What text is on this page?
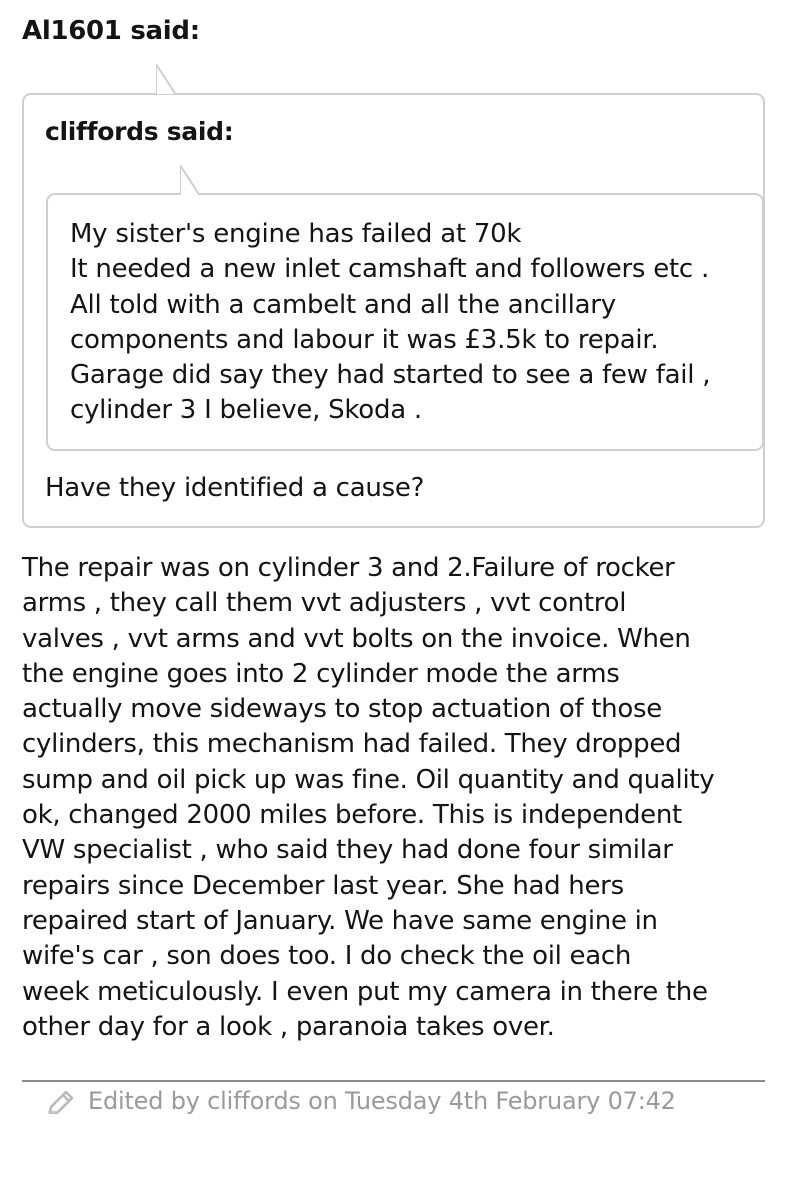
Al1601 said:
cliffords said:
My sister's engine has failed at 70k
It needed a new inlet camshaft and followers etc .
All told with a cambelt and all the ancillary
components and labour it was £3.5k to repair.
Garage did say they had started to see a few fail ,
cylinder 3 I believe, Skoda .
Have they identified a cause?
The repair was on cylinder 3 and 2.Failure of rocker
arms , they call them vvt adjusters , vvt control
valves , vvt arms and vvt bolts on the invoice. When
the engine goes into 2 cylinder mode the arms
actually move sideways to stop actuation of those
cylinders, this mechanism had failed. They dropped
sump and oil pick up was fine. Oil quantity and quality
ok, changed 2000 miles before. This is independent
VW specialist , who said they had done four similar
repairs since December last year. She had hers
repaired start of January. We have same engine in
wife's car , son does too. I do check the oil each
week meticulously. I even put my camera in there the
other day for a look , paranoia takes over.
Edited by cliffords on Tuesday 4th February 07:42
